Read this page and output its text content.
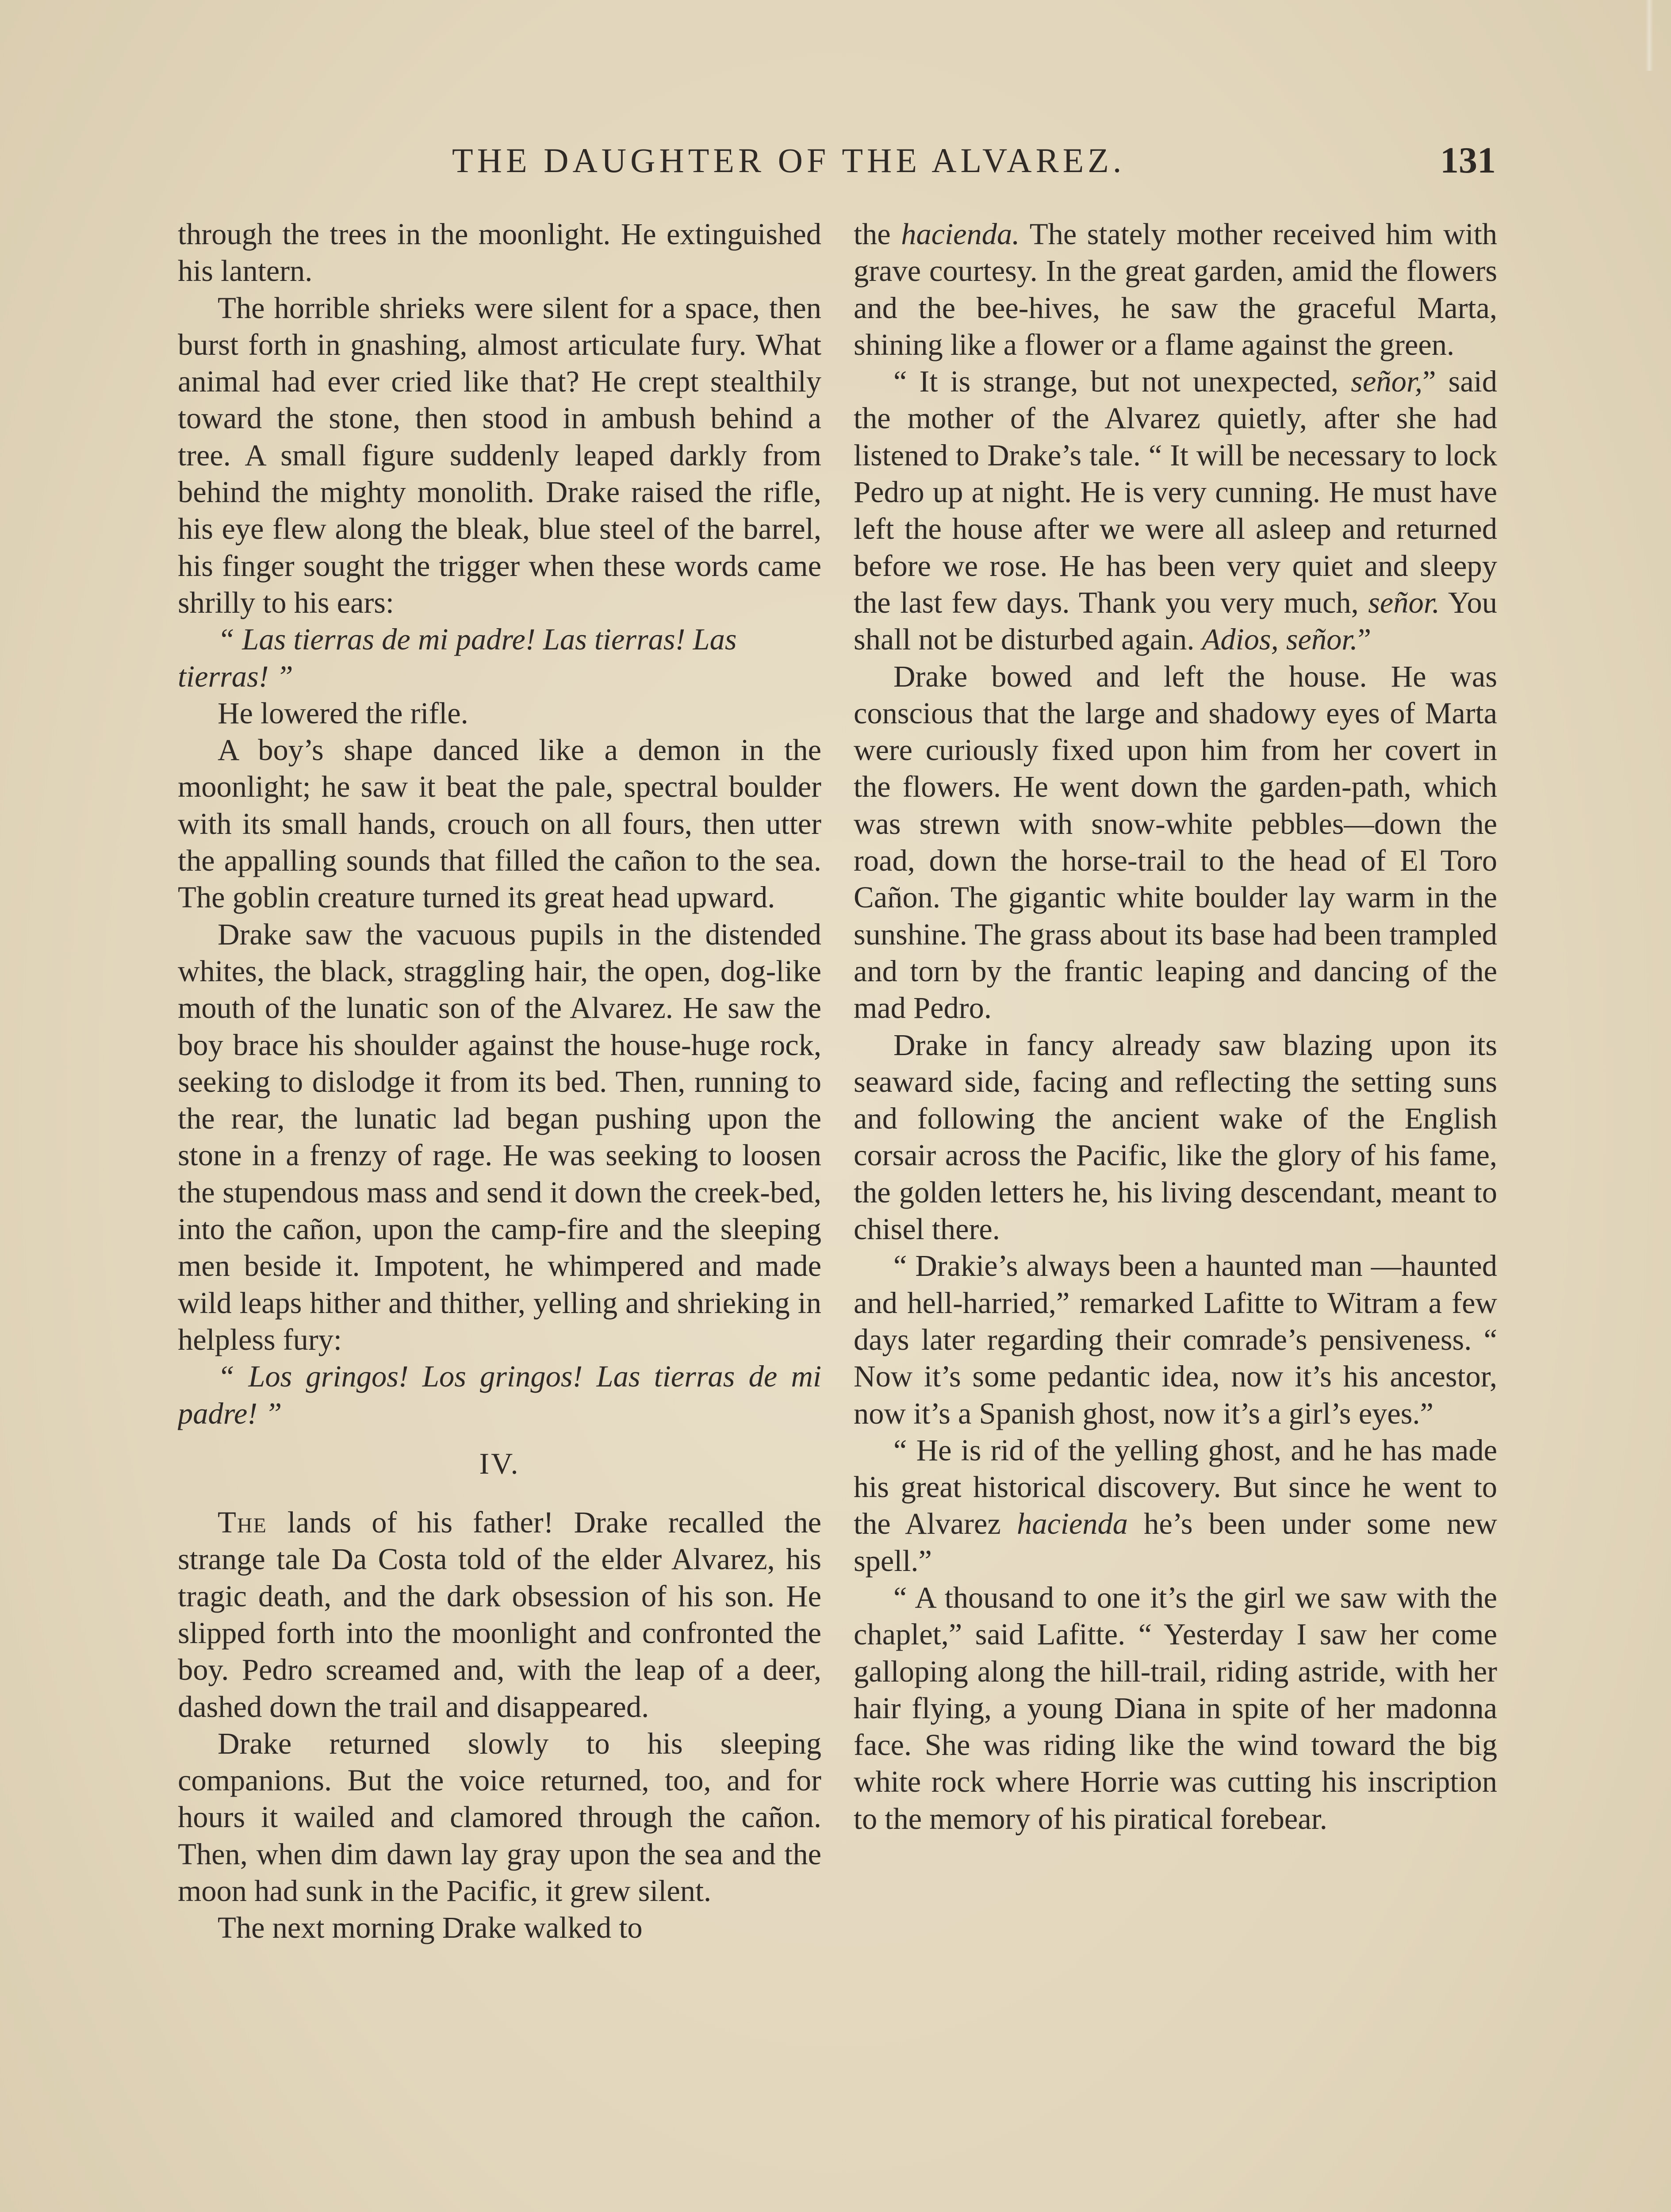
THE DAUGHTER OF THE ALVAREZ.	131

through the trees in the moonlight. He extinguished his lantern.

The horrible shrieks were silent for a space, then burst forth in gnashing, almost articulate fury. What animal had ever cried like that? He crept stealthily toward the stone, then stood in ambush behind a tree. A small figure suddenly leaped darkly from behind the mighty monolith. Drake raised the rifle, his eye flew along the bleak, blue steel of the barrel, his finger sought the trigger when these words came shrilly to his ears:

“ Las tierras de mi padre! Las tierras! Las tierras! ”

He lowered the rifle.

A boy’s shape danced like a demon in the moonlight; he saw it beat the pale, spectral boulder with its small hands, crouch on all fours, then utter the appalling sounds that filled the cañon to the sea. The goblin creature turned its great head upward.

Drake saw the vacuous pupils in the distended whites, the black, straggling hair, the open, dog-like mouth of the lunatic son of the Alvarez. He saw the boy brace his shoulder against the house-huge rock, seeking to dislodge it from its bed. Then, running to the rear, the lunatic lad began pushing upon the stone in a frenzy of rage. He was seeking to loosen the stupendous mass and send it down the creek-bed, into the cañon, upon the camp-fire and the sleeping men beside it. Impotent, he whimpered and made wild leaps hither and thither, yelling and shrieking in helpless fury:

“ Los gringos! Los gringos! Las tierras de mi padre! ”

IV.

The lands of his father! Drake recalled the strange tale Da Costa told of the elder Alvarez, his tragic death, and the dark obsession of his son. He slipped forth into the moonlight and confronted the boy. Pedro screamed and, with the leap of a deer, dashed down the trail and disappeared.

Drake returned slowly to his sleeping companions. But the voice returned, too, and for hours it wailed and clamored through the cañon. Then, when dim dawn lay gray upon the sea and the moon had sunk in the Pacific, it grew silent.

The next morning Drake walked to

the hacienda. The stately mother received him with grave courtesy. In the great garden, amid the flowers and the bee-hives, he saw the graceful Marta, shining like a flower or a flame against the green.

“ It is strange, but not unexpected, señor,” said the mother of the Alvarez quietly, after she had listened to Drake’s tale. “ It will be necessary to lock Pedro up at night. He is very cunning. He must have left the house after we were all asleep and returned before we rose. He has been very quiet and sleepy the last few days. Thank you very much, señor. You shall not be disturbed again. Adios, señor.”

Drake bowed and left the house. He was conscious that the large and shadowy eyes of Marta were curiously fixed upon him from her covert in the flowers. He went down the garden-path, which was strewn with snow-white pebbles—down the road, down the horse-trail to the head of El Toro Cañon. The gigantic white boulder lay warm in the sunshine. The grass about its base had been trampled and torn by the frantic leaping and dancing of the mad Pedro.

Drake in fancy already saw blazing upon its seaward side, facing and reflecting the setting suns and following the ancient wake of the English corsair across the Pacific, like the glory of his fame, the golden letters he, his living descendant, meant to chisel there.

“ Drakie’s always been a haunted man —haunted and hell-harried,” remarked Lafitte to Witram a few days later regarding their comrade’s pensiveness. “ Now it’s some pedantic idea, now it’s his ancestor, now it’s a Spanish ghost, now it’s a girl’s eyes.”

“ He is rid of the yelling ghost, and he has made his great historical discovery. But since he went to the Alvarez hacienda he’s been under some new spell.”

“ A thousand to one it’s the girl we saw with the chaplet,” said Lafitte. “ Yesterday I saw her come galloping along the hill-trail, riding astride, with her hair flying, a young Diana in spite of her madonna face. She was riding like the wind toward the big white rock where Horrie was cutting his inscription to the memory of his piratical forebear.
